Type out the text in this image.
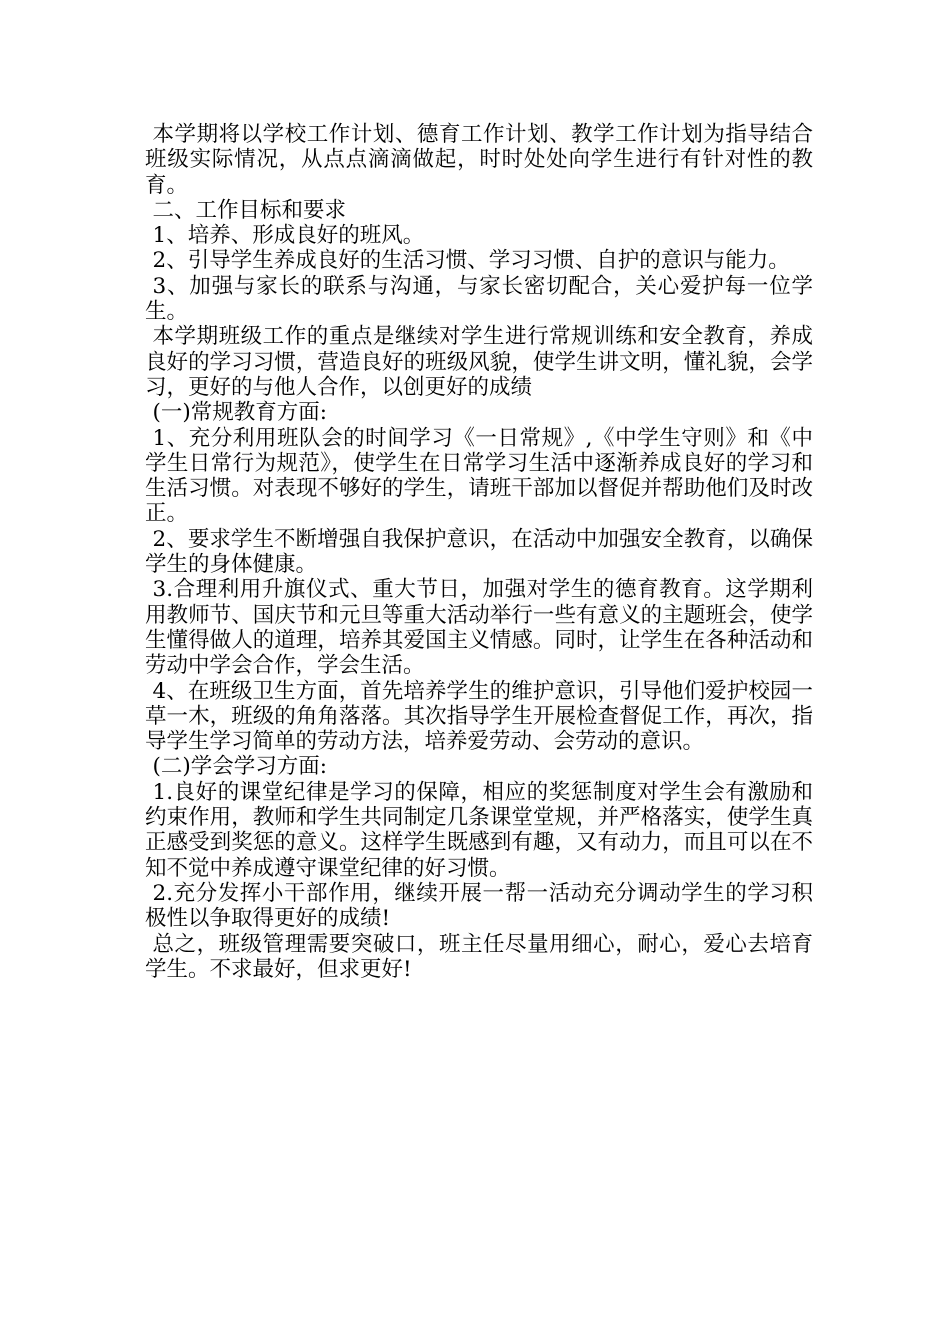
本学期将以学校工作计划、德育工作计划、教学工作计划为指导结合班级实际情况，从点点滴滴做起，时时处处向学生进行有针对性的教育。

二、工作目标和要求

1、培养、形成良好的班风。

2、引导学生养成良好的生活习惯、学习习惯、自护的意识与能力。

3、加强与家长的联系与沟通，与家长密切配合，关心爱护每一位学生。

本学期班级工作的重点是继续对学生进行常规训练和安全教育，养成良好的学习习惯，营造良好的班级风貌，使学生讲文明，懂礼貌，会学习，更好的与他人合作，以创更好的成绩

(一)常规教育方面:

1、充分利用班队会的时间学习《一日常规》,《中学生守则》和《中学生日常行为规范》，使学生在日常学习生活中逐渐养成良好的学习和生活习惯。对表现不够好的学生，请班干部加以督促并帮助他们及时改正。

2、要求学生不断增强自我保护意识，在活动中加强安全教育，以确保学生的身体健康。

3.合理利用升旗仪式、重大节日，加强对学生的德育教育。这学期利用教师节、国庆节和元旦等重大活动举行一些有意义的主题班会，使学生懂得做人的道理，培养其爱国主义情感。同时，让学生在各种活动和劳动中学会合作，学会生活。

4、在班级卫生方面，首先培养学生的维护意识，引导他们爱护校园一草一木，班级的角角落落。其次指导学生开展检查督促工作，再次，指导学生学习简单的劳动方法，培养爱劳动、会劳动的意识。

(二)学会学习方面:

1.良好的课堂纪律是学习的保障，相应的奖惩制度对学生会有激励和约束作用，教师和学生共同制定几条课堂堂规，并严格落实，使学生真正感受到奖惩的意义。这样学生既感到有趣，又有动力，而且可以在不知不觉中养成遵守课堂纪律的好习惯。

2.充分发挥小干部作用，继续开展一帮一活动充分调动学生的学习积极性以争取得更好的成绩!

总之，班级管理需要突破口，班主任尽量用细心，耐心，爱心去培育学生。不求最好，但求更好!
